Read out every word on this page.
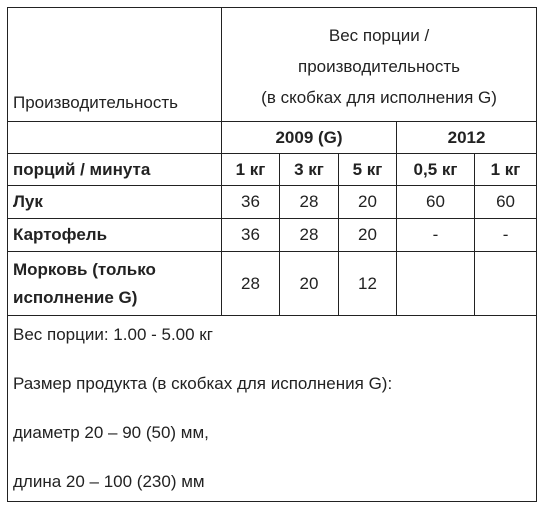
Производительность	Вес порции /
производительность
(в скобках для исполнения G)				

	2009 (G)			2012	
порций / минута	1 кг	3 кг	5 кг	0,5 кг	1 кг
Лук	36	28	20	60	60
Картофель	36	28	20	-	-
Морковь (только исполнение G)	28	20	12		

Вес порции: 1.00 - 5.00 кг

Размер продукта (в скобках для исполнения G):

диаметр 20 – 90 (50) мм,

длина 20 – 100 (230) мм					
